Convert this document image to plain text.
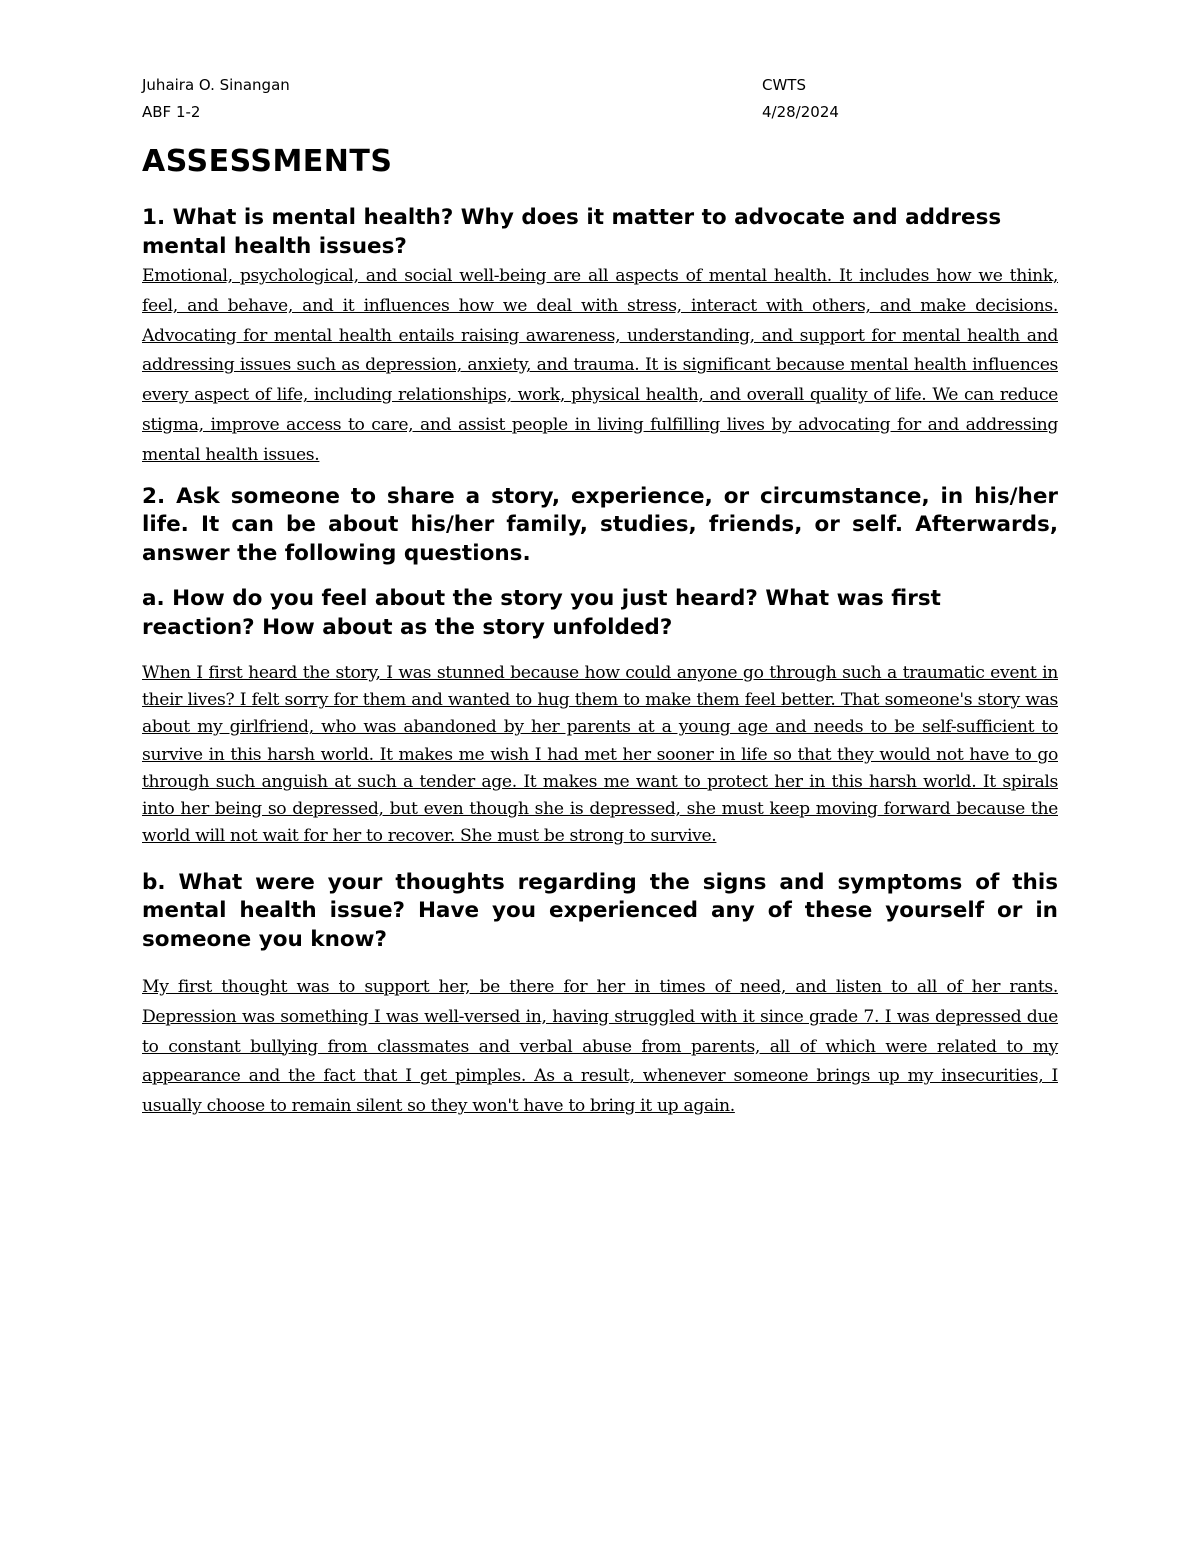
Juhaira O. Sinangan	CWTS
ABF 1-2	4/28/2024
ASSESSMENTS

1. What is mental health? Why does it matter to advocate and address mental health issues?

Emotional, psychological, and social well-being are all aspects of mental health. It includes how we think, feel, and behave, and it influences how we deal with stress, interact with others, and make decisions. Advocating for mental health entails raising awareness, understanding, and support for mental health and addressing issues such as depression, anxiety, and trauma. It is significant because mental health influences every aspect of life, including relationships, work, physical health, and overall quality of life. We can reduce stigma, improve access to care, and assist people in living fulfilling lives by advocating for and addressing mental health issues.

2. Ask someone to share a story, experience, or circumstance, in his/her life. It can be about his/her family, studies, friends, or self. Afterwards, answer the following questions.

a. How do you feel about the story you just heard? What was first reaction? How about as the story unfolded?

When I first heard the story, I was stunned because how could anyone go through such a traumatic event in their lives? I felt sorry for them and wanted to hug them to make them feel better. That someone's story was about my girlfriend, who was abandoned by her parents at a young age and needs to be self-sufficient to survive in this harsh world. It makes me wish I had met her sooner in life so that they would not have to go through such anguish at such a tender age. It makes me want to protect her in this harsh world. It spirals into her being so depressed, but even though she is depressed, she must keep moving forward because the world will not wait for her to recover. She must be strong to survive.

b. What were your thoughts regarding the signs and symptoms of this mental health issue? Have you experienced any of these yourself or in someone you know?

My first thought was to support her, be there for her in times of need, and listen to all of her rants. Depression was something I was well-versed in, having struggled with it since grade 7. I was depressed due to constant bullying from classmates and verbal abuse from parents, all of which were related to my appearance and the fact that I get pimples. As a result, whenever someone brings up my insecurities, I usually choose to remain silent so they won't have to bring it up again.
